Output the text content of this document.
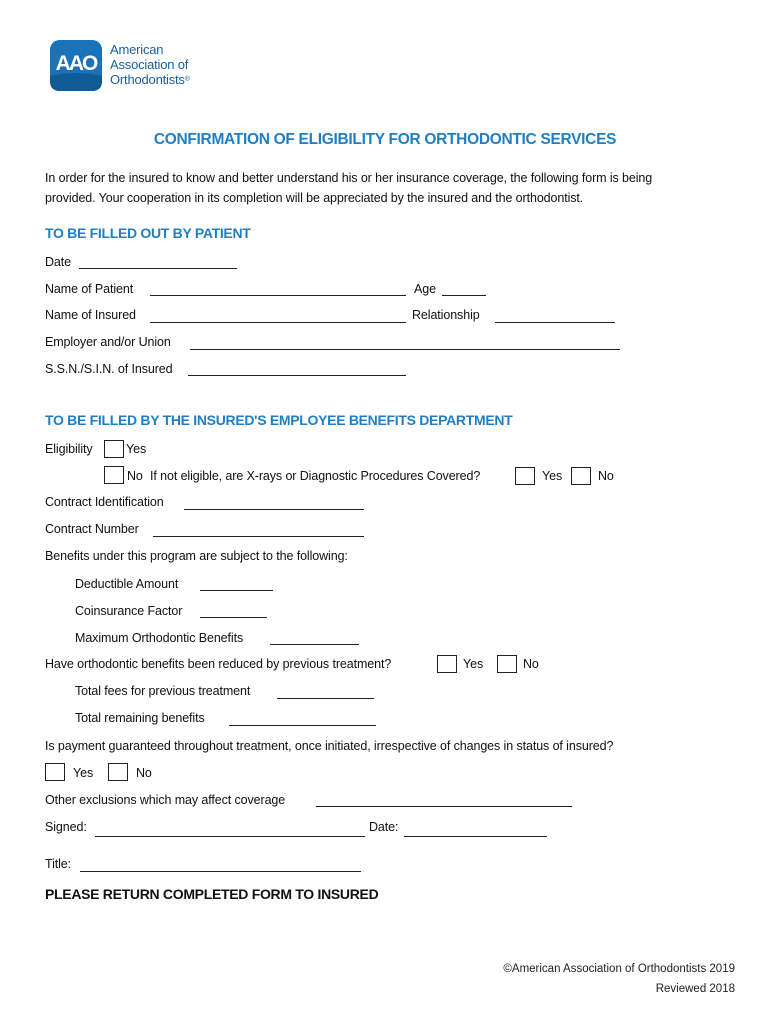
AAO
American
Association of
Orthodontists®
CONFIRMATION OF ELIGIBILITY FOR ORTHODONTIC SERVICES
In order for the insured to know and better understand his or her insurance coverage, the following form is being
provided. Your cooperation in its completion will be appreciated by the insured and the orthodontist.
TO BE FILLED OUT BY PATIENT
Date
Name of Patient	Age
Name of Insured	Relationship
Employer and/or Union
S.S.N./S.I.N. of Insured
TO BE FILLED BY THE INSURED'S EMPLOYEE BENEFITS DEPARTMENT
Eligibility	Yes
No If not eligible, are X-rays or Diagnostic Procedures Covered?	Yes	No
Contract Identification
Contract Number
Benefits under this program are subject to the following:
Deductible Amount
Coinsurance Factor
Maximum Orthodontic Benefits
Have orthodontic benefits been reduced by previous treatment?	Yes	No
Total fees for previous treatment
Total remaining benefits
Is payment guaranteed throughout treatment, once initiated, irrespective of changes in status of insured?
Yes	No
Other exclusions which may affect coverage
Signed:	Date:
Title:
PLEASE RETURN COMPLETED FORM TO INSURED
©American Association of Orthodontists 2019
Reviewed 2018
